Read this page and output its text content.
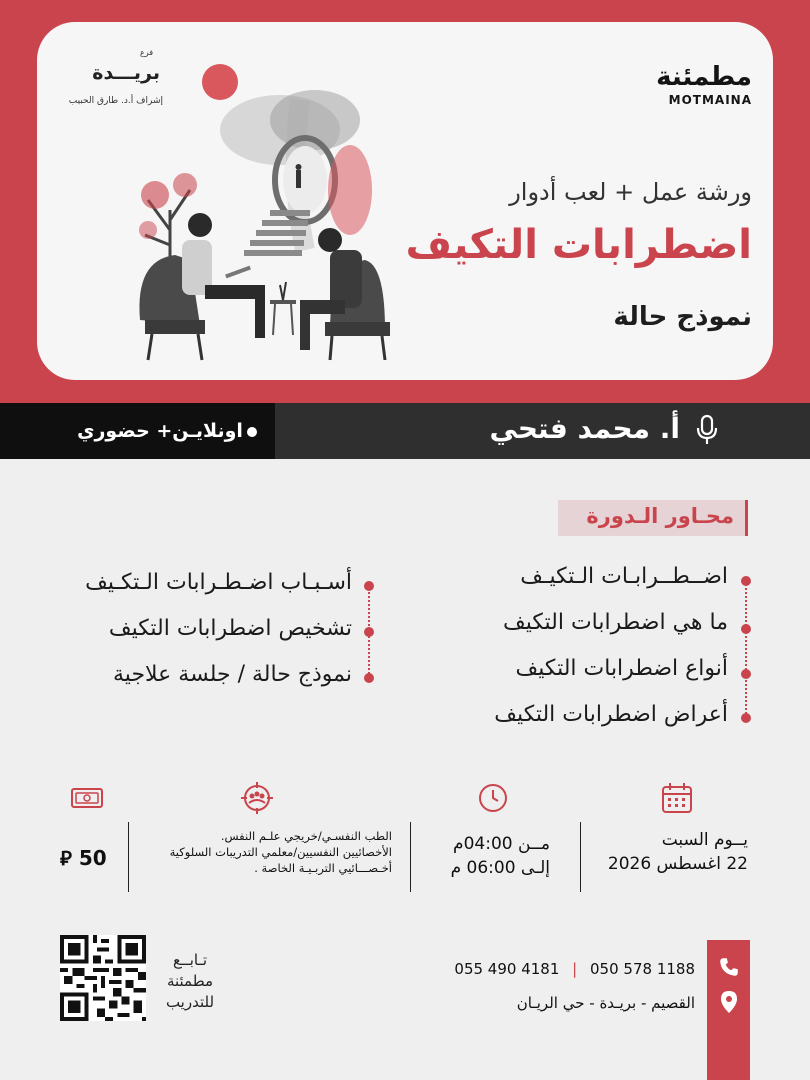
مطمئنة
MOTMAINA
فرع
بريـــدة
إشراف أ.د. طارق الحبيب
ورشة عمل + لعب أدوار
اضطرابات التكيف
نموذج حالة
أ. محمد فتحي
اونلايـن+ حضوري
محـاور الـدورة
اضــطــرابـات الـتكيـف
ما هي اضطرابات التكيف
أنواع اضطرابات التكيف
أعراض اضطرابات التكيف
أسـبـاب اضـطـرابات الـتكـيف
تشخيص اضطرابات التكيف
نموذج حالة / جلسة علاجية
يــوم السبت
22 اغسطس 2026
مــن 04:00م
إلـى 06:00 م
الطب النفسـي/خريجي علـم النفس.
الأخصائيين النفسيين/معلمي التدريبات السلوكية
أخـصـــائيي التربـيـة الخاصة .
50 ⃁
055 490 4181 | 050 578 1188
القصيم - بريـدة - حي الريـان
تـابــع
مطمئنة
للتدريب
